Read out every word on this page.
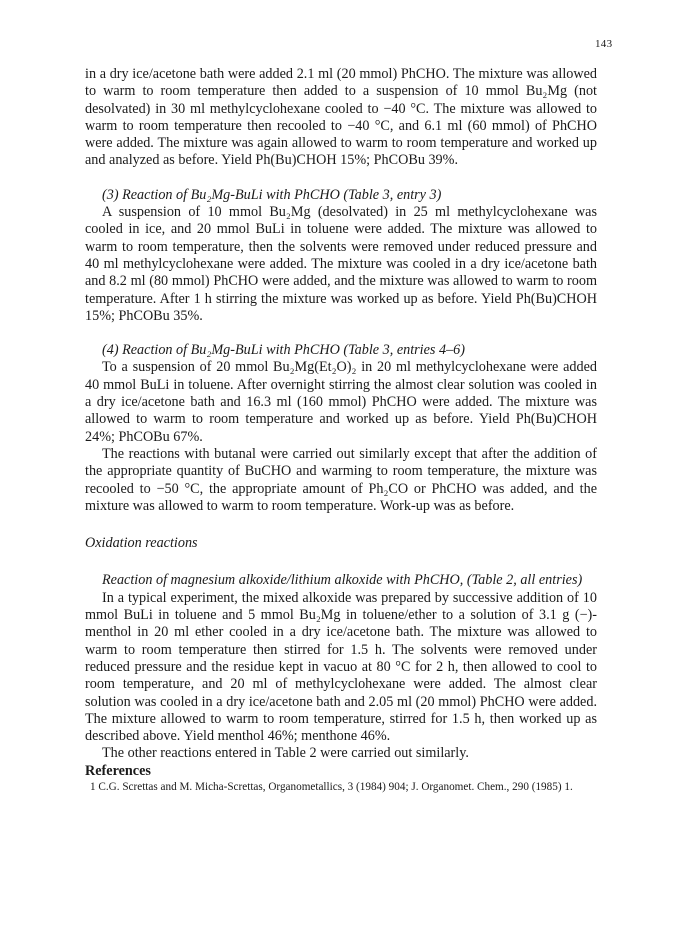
143

in a dry ice/acetone bath were added 2.1 ml (20 mmol) PhCHO. The mixture was allowed to warm to room temperature then added to a suspension of 10 mmol Bu₂Mg (not desolvated) in 30 ml methylcyclohexane cooled to −40 °C. The mixture was allowed to warm to room temperature then recooled to −40 °C, and 6.1 ml (60 mmol) of PhCHO were added. The mixture was again allowed to warm to room temperature and worked up and analyzed as before. Yield Ph(Bu)CHOH 15%; PhCOBu 39%.

(3) Reaction of Bu₂Mg-BuLi with PhCHO (Table 3, entry 3)

A suspension of 10 mmol Bu₂Mg (desolvated) in 25 ml methylcyclohexane was cooled in ice, and 20 mmol BuLi in toluene were added. The mixture was allowed to warm to room temperature, then the solvents were removed under reduced pressure and 40 ml methylcyclohexane were added. The mixture was cooled in a dry ice/acetone bath and 8.2 ml (80 mmol) PhCHO were added, and the mixture was allowed to warm to room temperature. After 1 h stirring the mixture was worked up as before. Yield Ph(Bu)CHOH 15%; PhCOBu 35%.

(4) Reaction of Bu₂Mg-BuLi with PhCHO (Table 3, entries 4–6)

To a suspension of 20 mmol Bu₂Mg(Et₂O)₂ in 20 ml methylcyclohexane were added 40 mmol BuLi in toluene. After overnight stirring the almost clear solution was cooled in a dry ice/acetone bath and 16.3 ml (160 mmol) PhCHO were added. The mixture was allowed to warm to room temperature and worked up as before. Yield Ph(Bu)CHOH 24%; PhCOBu 67%.

The reactions with butanal were carried out similarly except that after the addition of the appropriate quantity of BuCHO and warming to room temperature, the mixture was recooled to −50 °C, the appropriate amount of Ph₂CO or PhCHO was added, and the mixture was allowed to warm to room temperature. Work-up was as before.

Oxidation reactions

Reaction of magnesium alkoxide/lithium alkoxide with PhCHO, (Table 2, all entries)

In a typical experiment, the mixed alkoxide was prepared by successive addition of 10 mmol BuLi in toluene and 5 mmol Bu₂Mg in toluene/ether to a solution of 3.1 g (−)-menthol in 20 ml ether cooled in a dry ice/acetone bath. The mixture was allowed to warm to room temperature then stirred for 1.5 h. The solvents were removed under reduced pressure and the residue kept in vacuo at 80 °C for 2 h, then allowed to cool to room temperature, and 20 ml of methylcyclohexane were added. The almost clear solution was cooled in a dry ice/acetone bath and 2.05 ml (20 mmol) PhCHO were added. The mixture allowed to warm to room temperature, stirred for 1.5 h, then worked up as described above. Yield menthol 46%; menthone 46%.

The other reactions entered in Table 2 were carried out similarly.

References

1 C.G. Screttas and M. Micha-Screttas, Organometallics, 3 (1984) 904; J. Organomet. Chem., 290 (1985) 1.
